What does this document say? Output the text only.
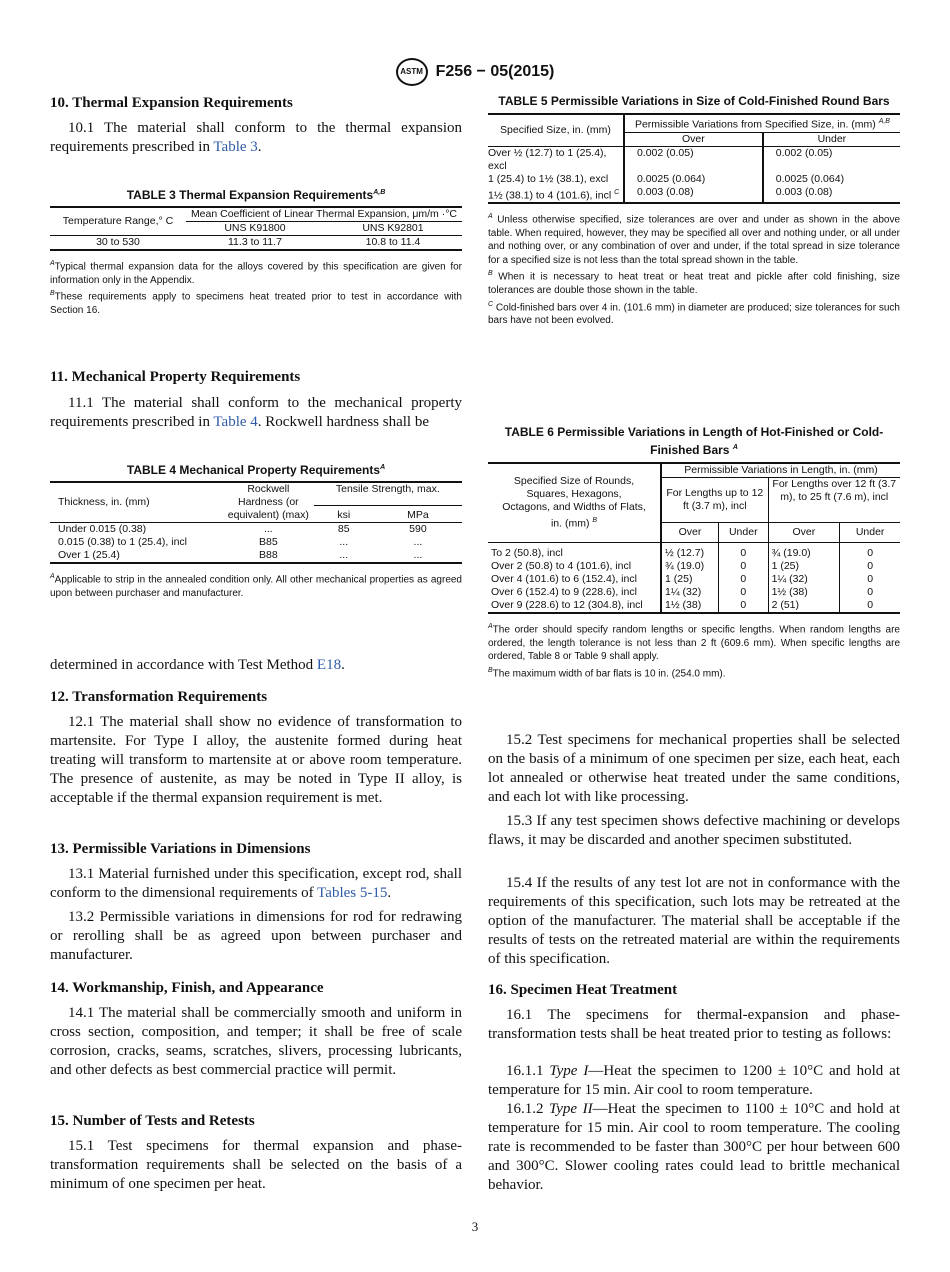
ASTM F256 − 05(2015)
10. Thermal Expansion Requirements

10.1 The material shall conform to the thermal expansion requirements prescribed in Table 3.

TABLE 3 Thermal Expansion Requirements$^{A,B}$
Temperature Range,° C	Mean Coefficient of Linear Thermal Expansion, μm/m ·°C	
	UNS K91800	UNS K92801
30 to 530	11.3 to 11.7	10.8 to 11.4
$^A$Typical thermal expansion data for the alloys covered by this specification are given for information only in the Appendix.
$^B$These requirements apply to specimens heat treated prior to test in accordance with Section 16.
11. Mechanical Property Requirements

11.1 The material shall conform to the mechanical property requirements prescribed in Table 4. Rockwell hardness shall be

TABLE 4 Mechanical Property Requirements$^A$
Thickness, in. (mm)	Rockwell Hardness (or equivalent) (max)	Tensile Strength, max.	
		ksi	MPa
Under 0.015 (0.38)	...	85	590
0.015 (0.38) to 1 (25.4), incl	B85	...	...
Over 1 (25.4)	B88	...	...
$^A$Applicable to strip in the annealed condition only. All other mechanical properties as agreed upon between purchaser and manufacturer.

determined in accordance with Test Method E18.

12. Transformation Requirements

12.1 The material shall show no evidence of transformation to martensite. For Type I alloy, the austenite formed during heat treating will transform to martensite at or above room temperature. The presence of austenite, as may be noted in Type II alloy, is acceptable if the thermal expansion requirement is met.

13. Permissible Variations in Dimensions

13.1 Material furnished under this specification, except rod, shall conform to the dimensional requirements of Tables 5-15.

13.2 Permissible variations in dimensions for rod for redrawing or rerolling shall be as agreed upon between purchaser and manufacturer.

14. Workmanship, Finish, and Appearance

14.1 The material shall be commercially smooth and uniform in cross section, composition, and temper; it shall be free of scale corrosion, cracks, seams, scratches, slivers, processing lubricants, and other defects as best commercial practice will permit.

15. Number of Tests and Retests

15.1 Test specimens for thermal expansion and phase-transformation requirements shall be selected on the basis of a minimum of one specimen per heat.

TABLE 5 Permissible Variations in Size of Cold-Finished Round Bars
Specified Size, in. (mm)	Permissible Variations from Specified Size, in. (mm) $^{A,B}$
	Over	Under
Over ½ (12.7) to 1 (25.4), excl	0.002 (0.05)	0.002 (0.05)
1 (25.4) to 1½ (38.1), excl	0.0025 (0.064)	0.0025 (0.064)
1½ (38.1) to 4 (101.6), incl $^C$	0.003 (0.08)	0.003 (0.08)
$^A$ Unless otherwise specified, size tolerances are over and under as shown in the above table. When required, however, they may be specified all over and nothing under, or all under and nothing over, or any combination of over and under, if the total spread in size tolerance for a specified size is not less than the total spread shown in the table.
$^B$ When it is necessary to heat treat or heat treat and pickle after cold finishing, size tolerances are double those shown in the table.
$^C$ Cold-finished bars over 4 in. (101.6 mm) in diameter are produced; size tolerances for such bars have not been evolved.
TABLE 6 Permissible Variations in Length of Hot-Finished or Cold-Finished Bars $^A$
Specified Size of Rounds, Squares, Hexagons, Octagons, and Widths of Flats, in. (mm) $^B$	Permissible Variations in Length, in. (mm)			
	For Lengths up to 12 ft (3.7 m), incl		For Lengths over 12 ft (3.7 m), to 25 ft (7.6 m), incl	
	Over	Under	Over	Under
To 2 (50.8), incl	½ (12.7)	0	¾ (19.0)	0
Over 2 (50.8) to 4 (101.6), incl	¾ (19.0)	0	1 (25)	0
Over 4 (101.6) to 6 (152.4), incl	1 (25)	0	1¼ (32)	0
Over 6 (152.4) to 9 (228.6), incl	1¼ (32)	0	1½ (38)	0
Over 9 (228.6) to 12 (304.8), incl	1½ (38)	0	2 (51)	0
$^A$The order should specify random lengths or specific lengths. When random lengths are ordered, the length tolerance is not less than 2 ft (609.6 mm). When specific lengths are ordered, Table 8 or Table 9 shall apply.
$^B$The maximum width of bar flats is 10 in. (254.0 mm).

15.2 Test specimens for mechanical properties shall be selected on the basis of a minimum of one specimen per size, each heat, each lot annealed or otherwise heat treated under the same conditions, and each lot with like processing.

15.3 If any test specimen shows defective machining or develops flaws, it may be discarded and another specimen substituted.

15.4 If the results of any test lot are not in conformance with the requirements of this specification, such lots may be retreated at the option of the manufacturer. The material shall be acceptable if the results of tests on the retreated material are within the requirements of this specification.

16. Specimen Heat Treatment

16.1 The specimens for thermal-expansion and phase-transformation tests shall be heat treated prior to testing as follows:

16.1.1 Type I—Heat the specimen to 1200 ± 10°C and hold at temperature for 15 min. Air cool to room temperature.

16.1.2 Type II—Heat the specimen to 1100 ± 10°C and hold at temperature for 15 min. Air cool to room temperature. The cooling rate is recommended to be faster than 300°C per hour between 600 and 300°C. Slower cooling rates could lead to brittle mechanical behavior.

3
